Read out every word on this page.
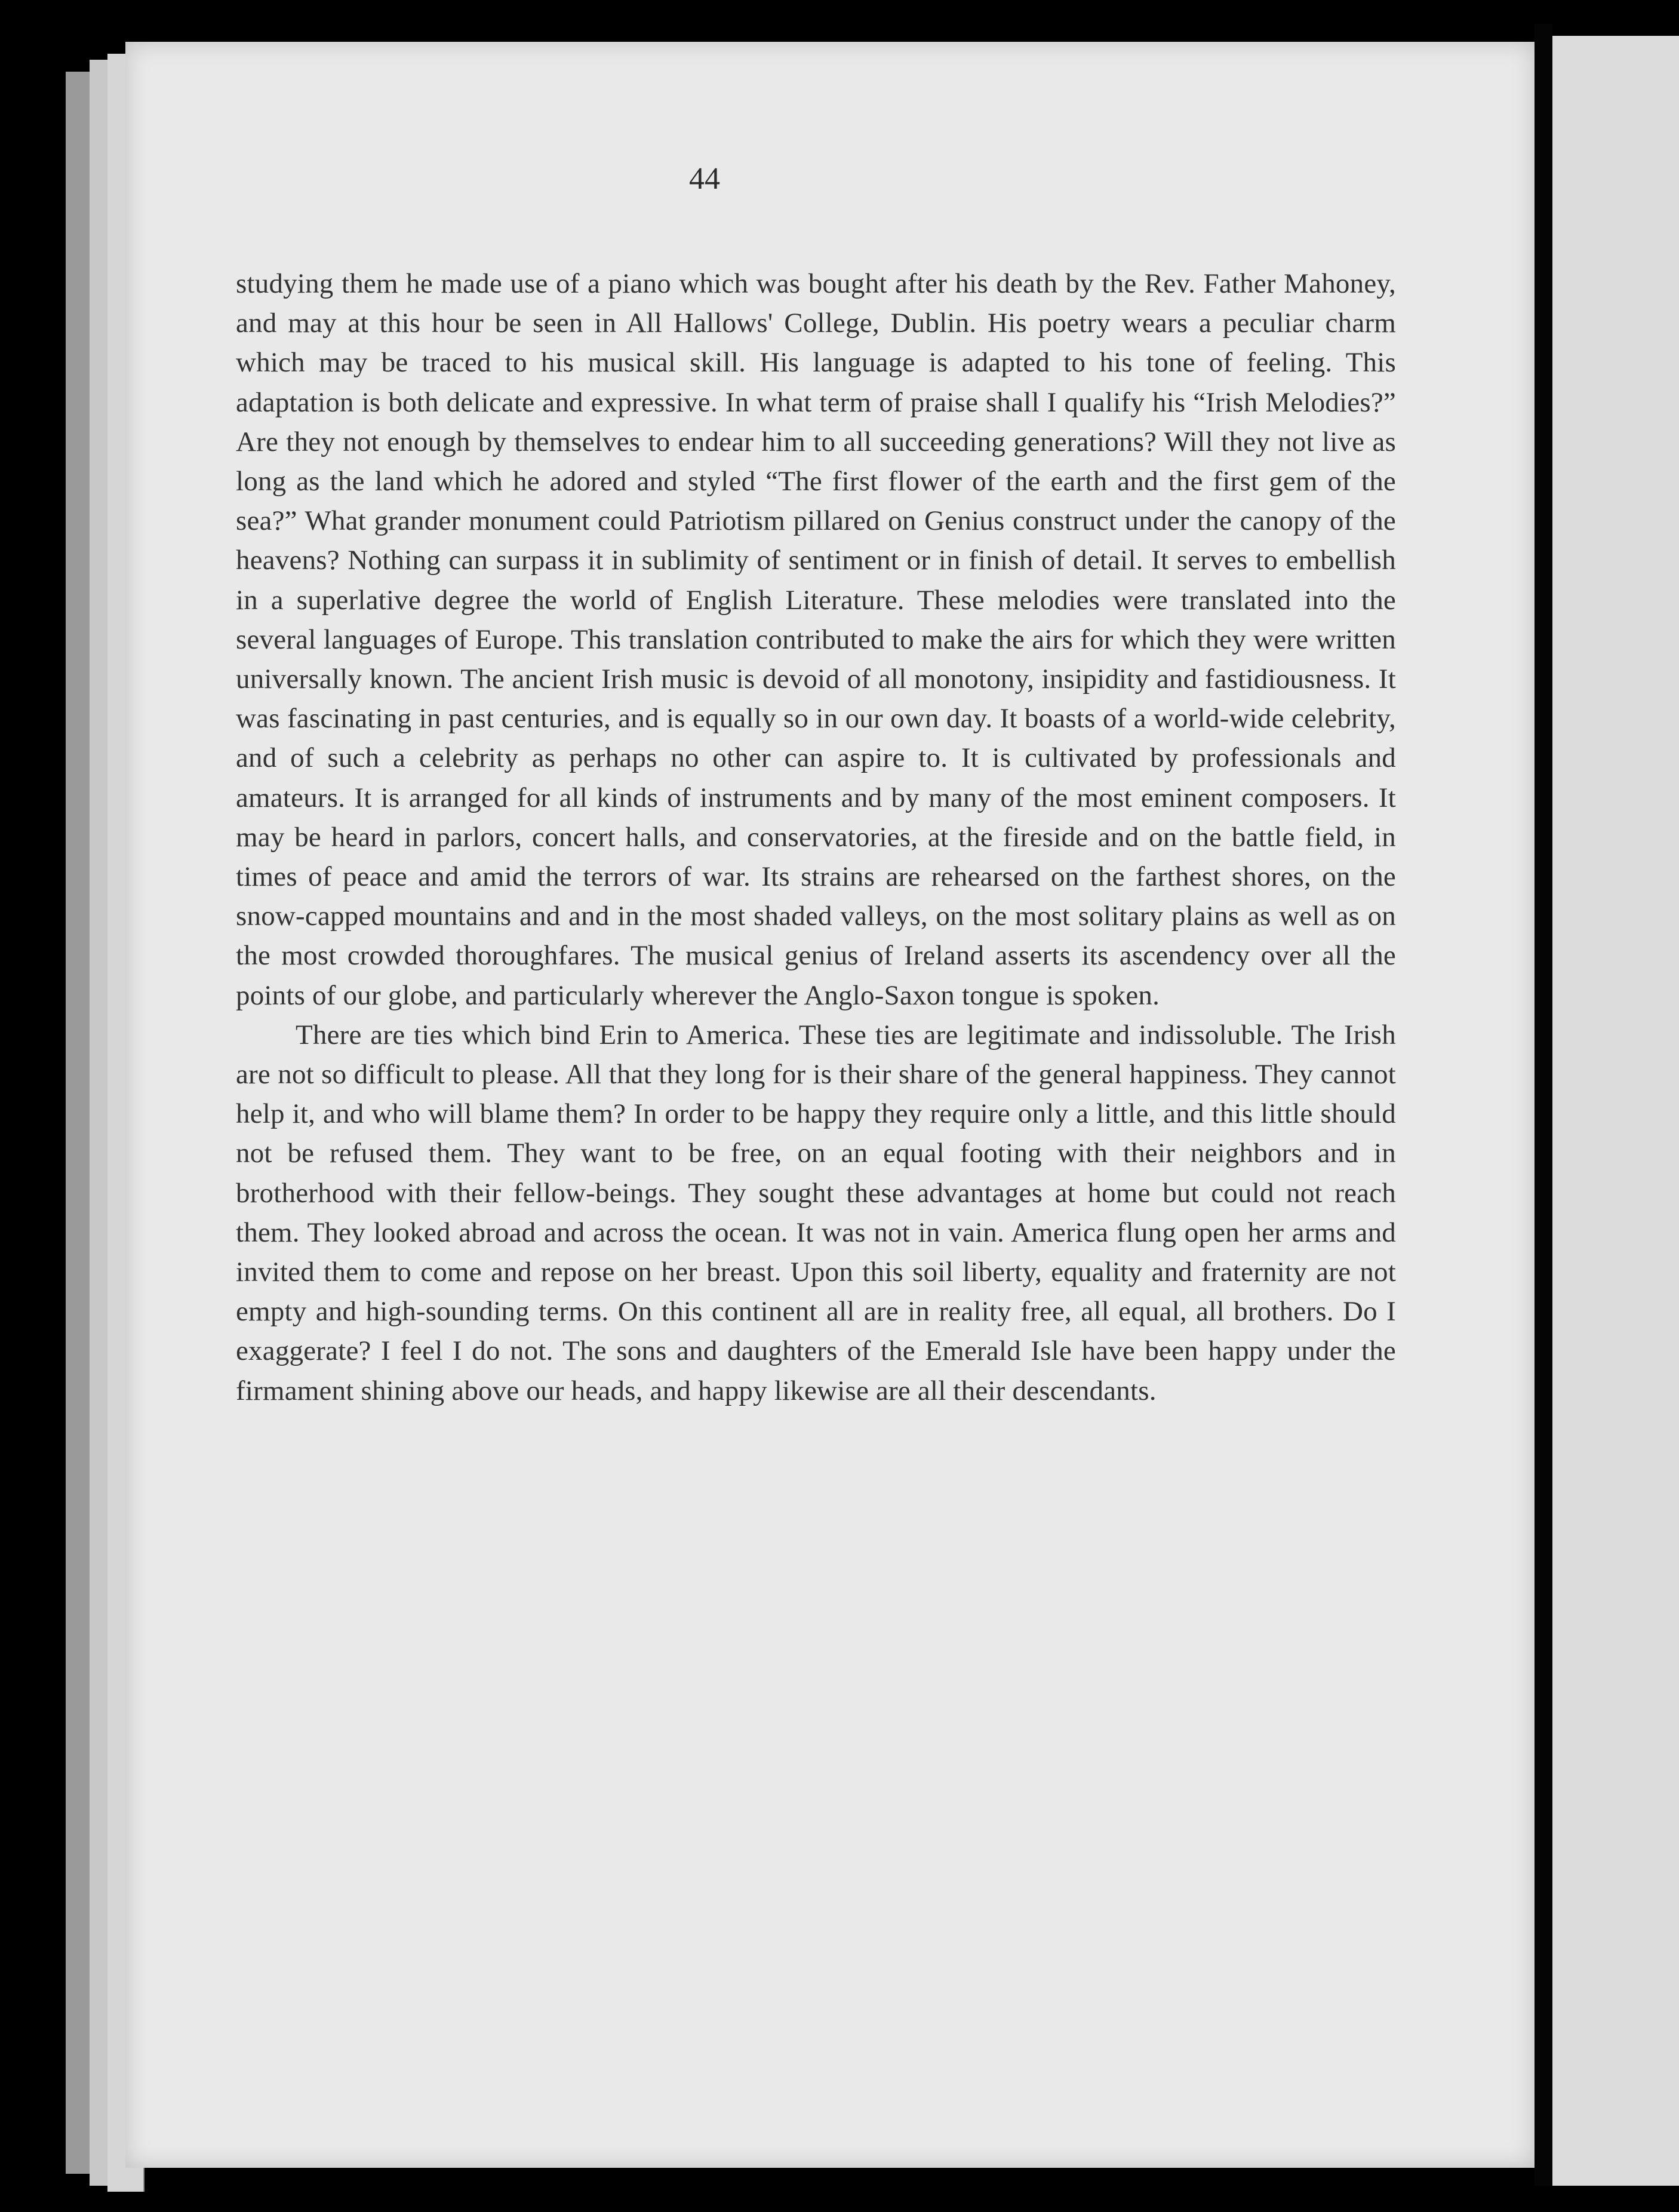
44

studying them he made use of a piano which was bought after his death by the Rev. Father Mahoney, and may at this hour be seen in All Hallows' College, Dublin. His poetry wears a peculiar charm which may be traced to his musical skill. His language is adapted to his tone of feeling. This adaptation is both delicate and expressive. In what term of praise shall I qualify his “Irish Melodies?” Are they not enough by themselves to endear him to all succeeding generations? Will they not live as long as the land which he adored and styled “The first flower of the earth and the first gem of the sea?” What grander monument could Patriotism pillared on Genius construct under the canopy of the heavens? Nothing can surpass it in sublimity of sentiment or in finish of detail. It serves to embellish in a superlative degree the world of English Literature. These melodies were translated into the several languages of Europe. This translation contributed to make the airs for which they were written universally known. The ancient Irish music is devoid of all monotony, insipidity and fastidiousness. It was fascinating in past centuries, and is equally so in our own day. It boasts of a world-wide celebrity, and of such a celebrity as perhaps no other can aspire to. It is cultivated by professionals and amateurs. It is arranged for all kinds of instruments and by many of the most eminent composers. It may be heard in parlors, concert halls, and conservatories, at the fireside and on the battle field, in times of peace and amid the terrors of war. Its strains are rehearsed on the farthest shores, on the snow-capped mountains and and in the most shaded valleys, on the most solitary plains as well as on the most crowded thoroughfares. The musical genius of Ireland asserts its ascendency over all the points of our globe, and particularly wherever the Anglo-Saxon tongue is spoken.

There are ties which bind Erin to America. These ties are legitimate and indissoluble. The Irish are not so difficult to please. All that they long for is their share of the general happiness. They cannot help it, and who will blame them? In order to be happy they require only a little, and this little should not be refused them. They want to be free, on an equal footing with their neighbors and in brotherhood with their fellow-beings. They sought these advantages at home but could not reach them. They looked abroad and across the ocean. It was not in vain. America flung open her arms and invited them to come and repose on her breast. Upon this soil liberty, equality and fraternity are not empty and high-sounding terms. On this continent all are in reality free, all equal, all brothers. Do I exaggerate? I feel I do not. The sons and daughters of the Emerald Isle have been happy under the firmament shining above our heads, and happy likewise are all their descendants.
